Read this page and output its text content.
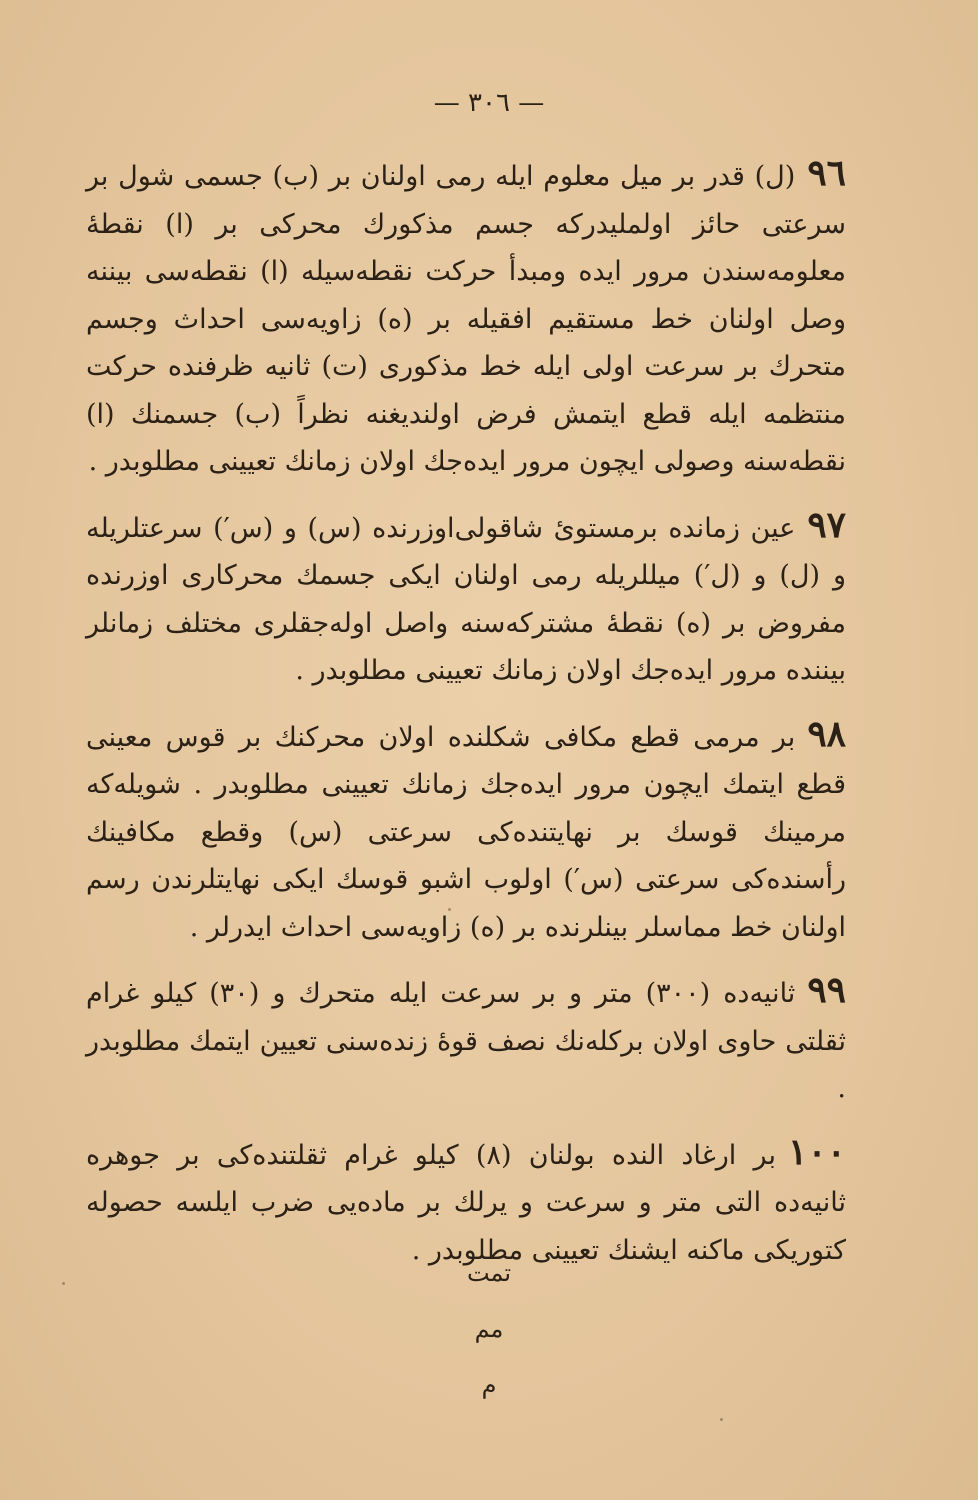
— ۳۰٦ —

۹٦(ل) قدر بر میل معلوم ایله رمی اولنان بر (ب) جسمی شول بر سرعتی حائز اولملیدرکه جسم مذکورك محرکی بر (ا) نقطهٔ معلومه‌سندن مرور ایده ومبدأ حرکت نقطه‌سیله (ا) نقطه‌سی بیننه وصل اولنان خط مستقیم افقیله بر (ه) زاویه‌سی احداث وجسم متحرك بر سرعت اولی ایله خط مذکوری (ت) ثانیه ظرفنده حرکت منتظمه ایله قطع ایتمش فرض اولندیغنه نظراً (ب) جسمنك (ا) نقطه‌سنه وصولی ایچون مرور ایده‌جك اولان زمانك تعیینی مطلوبدر .

۹۷عین زمانده برمستویٔ شاقولی‌اوزرنده (س) و (س′) سرعتلریله و (ل) و (ل′) میللریله رمی اولنان ایکی جسمك محرکاری اوزرنده مفروض بر (ه) نقطهٔ مشترکه‌سنه واصل اوله‌جقلری مختلف زمانلر بیننده مرور ایده‌جك اولان زمانك تعیینی مطلوبدر .

۹۸بر مرمی قطع مکافی شکلنده اولان محرکنك بر قوس معینی قطع ایتمك ایچون مرور ایده‌جك زمانك تعیینی مطلوبدر . شویله‌که مرمینك قوسك بر نهایتنده‌کی سرعتی (س) وقطع مکافینك رأسنده‌کی سرعتی (س′) اولوب اشبو قوسك ایکی نهایتلرندن رسم اولنان خط مماسلر بینلرنده بر (ه) زاویه‌سی احداث ایدرلر .

۹۹ثانیه‌ده (۳۰۰) متر و بر سرعت ایله متحرك و (۳۰) کیلو غرام ثقلتی حاوی اولان برکله‌نك نصف قوهٔ زنده‌سنی تعیین ایتمك مطلوبدر .

۱۰۰بر ارغاد الندە بولنان (۸) کیلو غرام ثقلتنده‌کی بر جوهره ثانیه‌ده التی متر و سرعت و یرلك بر ماده‌یی ضرب ایلسه حصوله کتوریکی ماکنه ایشنك تعیینی مطلوبدر .

تمت
مم
م
